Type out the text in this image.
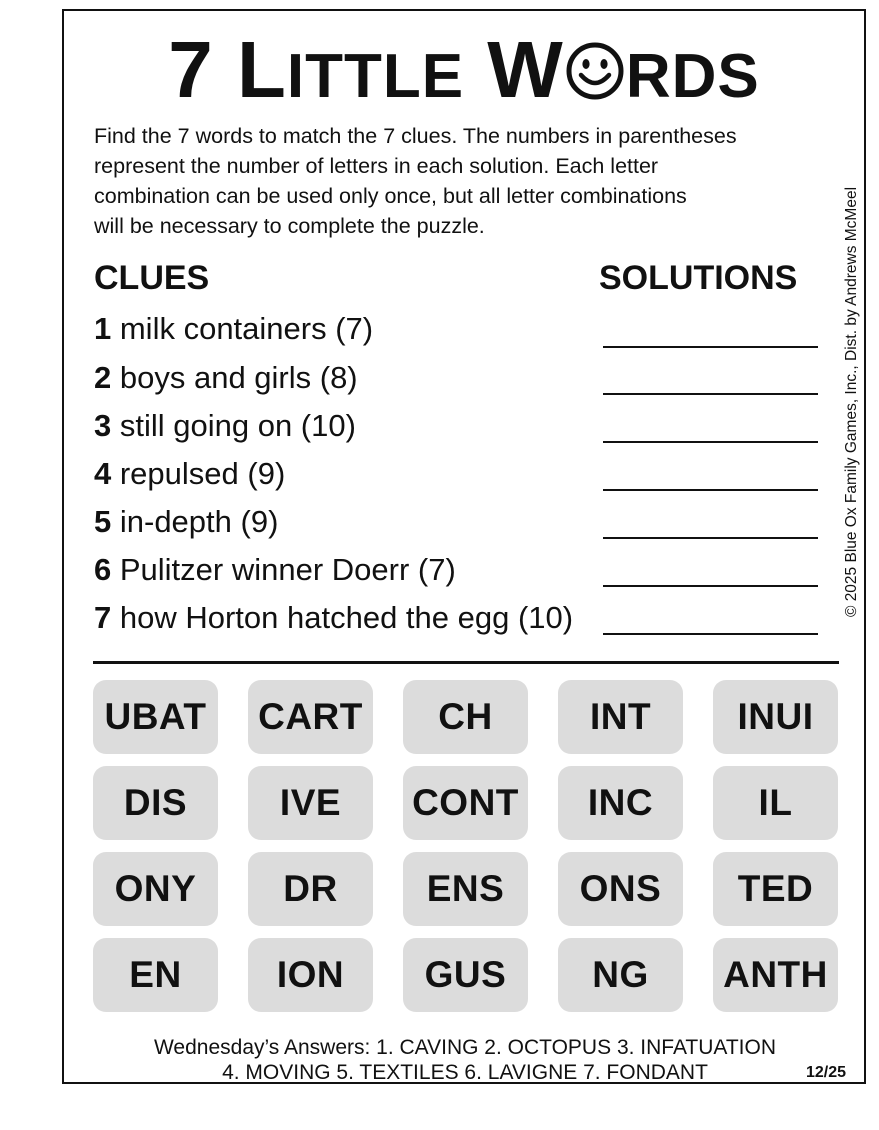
7 LITTLE W RDS
Find the 7 words to match the 7 clues. The numbers in parentheses
represent the number of letters in each solution. Each letter
combination can be used only once, but all letter combinations
will be necessary to complete the puzzle.
CLUES	SOLUTIONS
1 milk containers (7)
2 boys and girls (8)
3 still going on (10)
4 repulsed (9)
5 in-depth (9)
6 Pulitzer winner Doerr (7)
7 how Horton hatched the egg (10)
© 2025 Blue Ox Family Games, Inc., Dist. by Andrews McMeel
UBAT	CART	CH	INT	INUI
DIS	IVE	CONT	INC	IL
ONY	DR	ENS	ONS	TED
EN	ION	GUS	NG	ANTH
Wednesday’s Answers: 1. CAVING 2. OCTOPUS 3. INFATUATION
4. MOVING 5. TEXTILES 6. LAVIGNE 7. FONDANT	12/25
